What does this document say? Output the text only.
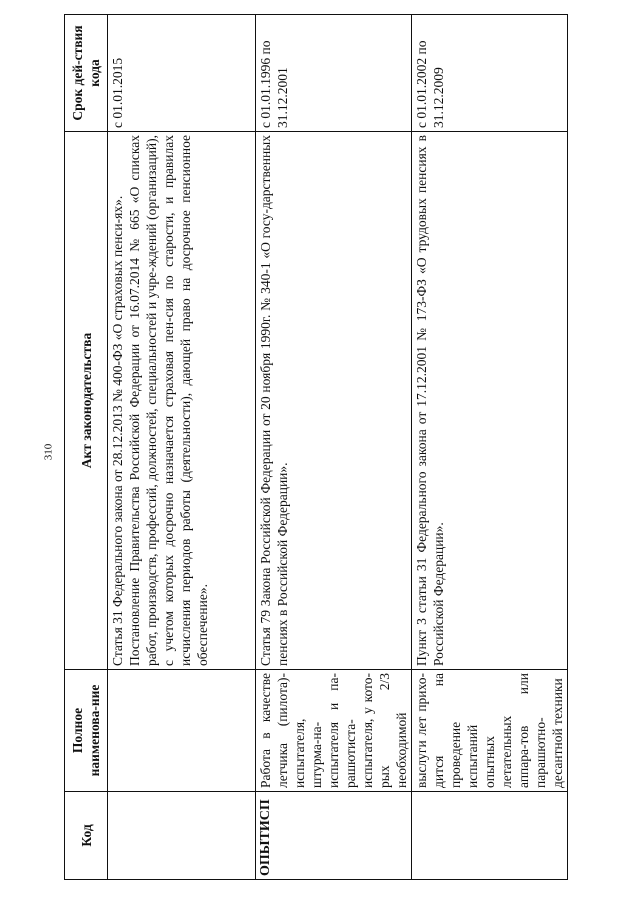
310
Код	Полное наименова-ние	Акт законодательства	Срок дей-ствия кода

		Статья 31 Федерального закона от 28.12.2013 № 400-ФЗ «О страховых пенси-ях». Постановление Правительства Российской Федерации от 16.07.2014 № 665 «О списках работ, производств, профессий, должностей, специальностей и учре-ждений (организаций), с учетом которых досрочно назначается страховая пен-сия по старости, и правилах исчисления периодов работы (деятельности), дающей право на досрочное пенсионное обеспечение».	с 01.01.2015
ОПЫТИСП	Работа в качестве летчика (пилота)-испытателя, штурма-на-испытателя и па-рашютиста-испытателя, у кото-рых 2/3 необходимой	Статья 79 Закона Российской Федерации от 20 ноября 1990г. № 340-1 «О госу-дарственных пенсиях в Российской Федерации».	с 01.01.1996 по 31.12.2001
	выслуги лет прихо-дится на проведение испытаний опытных летательных аппара-тов или парашютно-десантной техники	Пункт 3 статьи 31 Федерального закона от 17.12.2001 № 173-ФЗ «О трудовых пенсиях в Российской Федерации».	с 01.01.2002 по 31.12.2009
